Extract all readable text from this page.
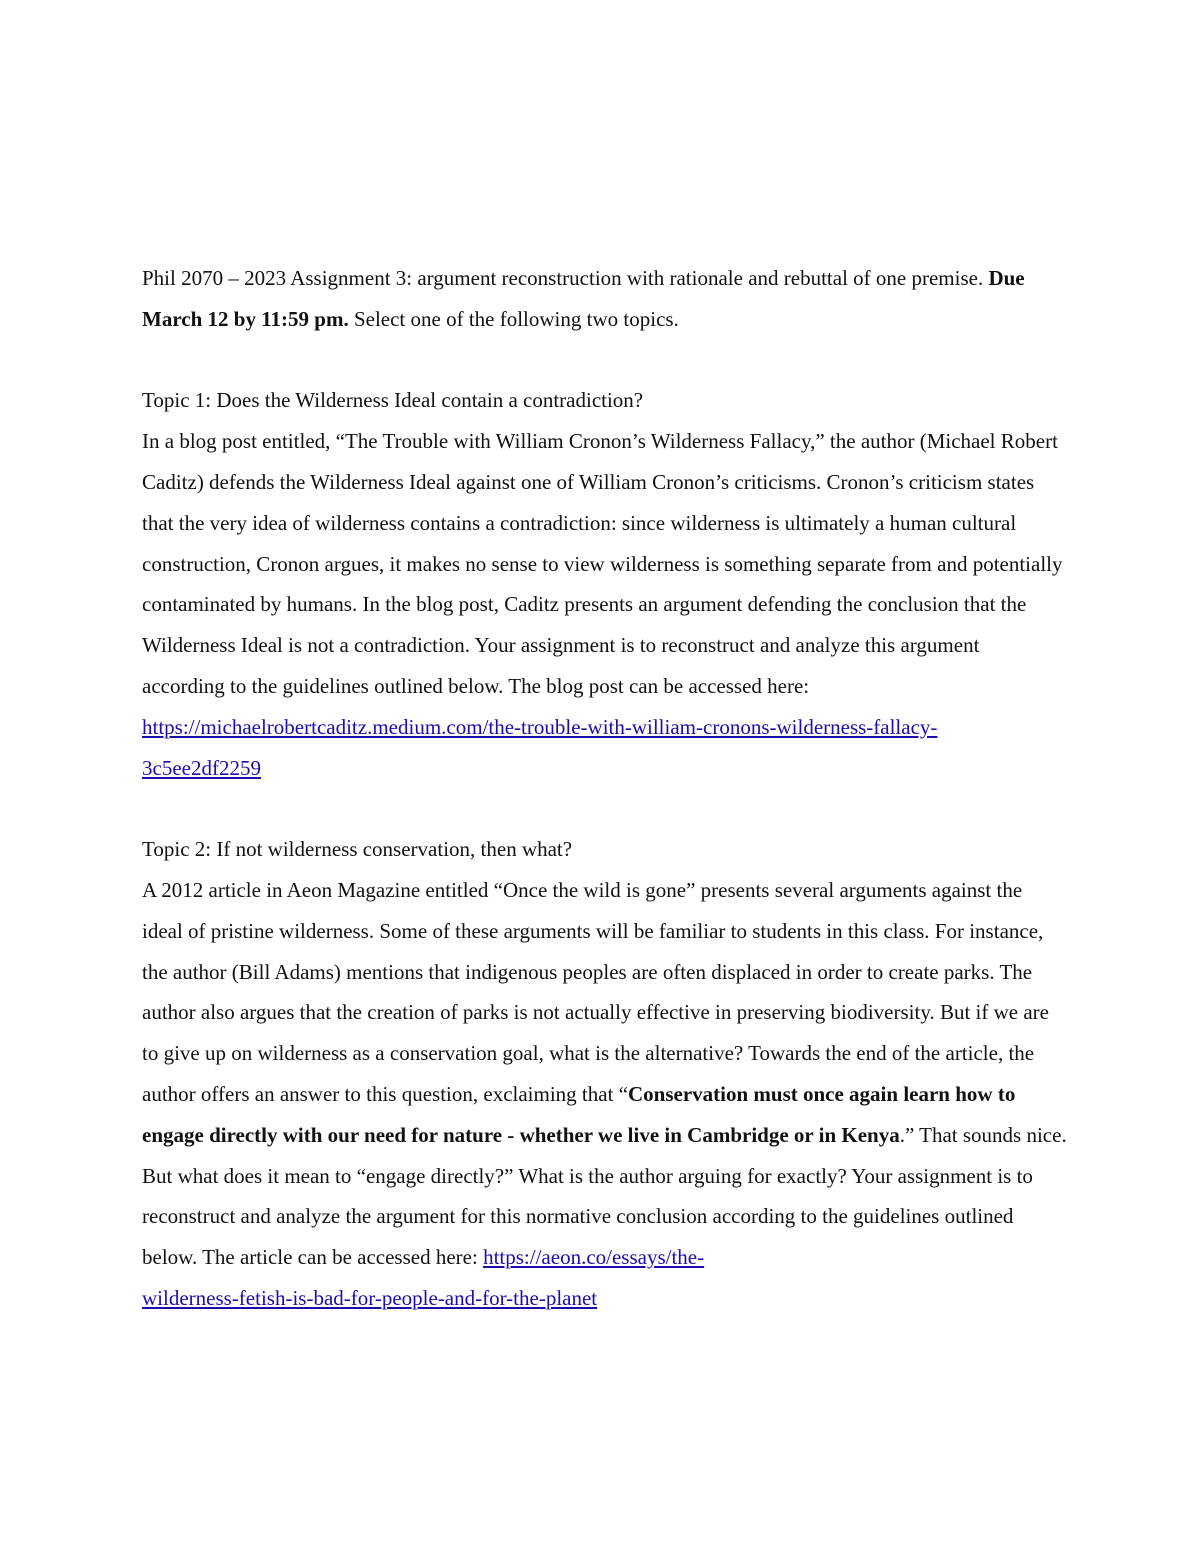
Phil 2070 – 2023 Assignment 3: argument reconstruction with rationale and rebuttal of one premise. Due March 12 by 11:59 pm. Select one of the following two topics.

Topic 1: Does the Wilderness Ideal contain a contradiction?

In a blog post entitled, “The Trouble with William Cronon’s Wilderness Fallacy,” the author (Michael Robert Caditz) defends the Wilderness Ideal against one of William Cronon’s criticisms. Cronon’s criticism states that the very idea of wilderness contains a contradiction: since wilderness is ultimately a human cultural construction, Cronon argues, it makes no sense to view wilderness is something separate from and potentially contaminated by humans. In the blog post, Caditz presents an argument defending the conclusion that the Wilderness Ideal is not a contradiction. Your assignment is to reconstruct and analyze this argument according to the guidelines outlined below. The blog post can be accessed here:
https://michaelrobertcaditz.medium.com/the-trouble-with-william-cronons-wilderness-fallacy-
3c5ee2df2259

Topic 2: If not wilderness conservation, then what?

A 2012 article in Aeon Magazine entitled “Once the wild is gone” presents several arguments against the ideal of pristine wilderness. Some of these arguments will be familiar to students in this class. For instance, the author (Bill Adams) mentions that indigenous peoples are often displaced in order to create parks. The author also argues that the creation of parks is not actually effective in preserving biodiversity. But if we are to give up on wilderness as a conservation goal, what is the alternative? Towards the end of the article, the author offers an answer to this question, exclaiming that “Conservation must once again learn how to engage directly with our need for nature - whether we live in Cambridge or in Kenya.” That sounds nice. But what does it mean to “engage directly?” What is the author arguing for exactly? Your assignment is to reconstruct and analyze the argument for this normative conclusion according to the guidelines outlined below. The article can be accessed here: https://aeon.co/essays/the-
wilderness-fetish-is-bad-for-people-and-for-the-planet
